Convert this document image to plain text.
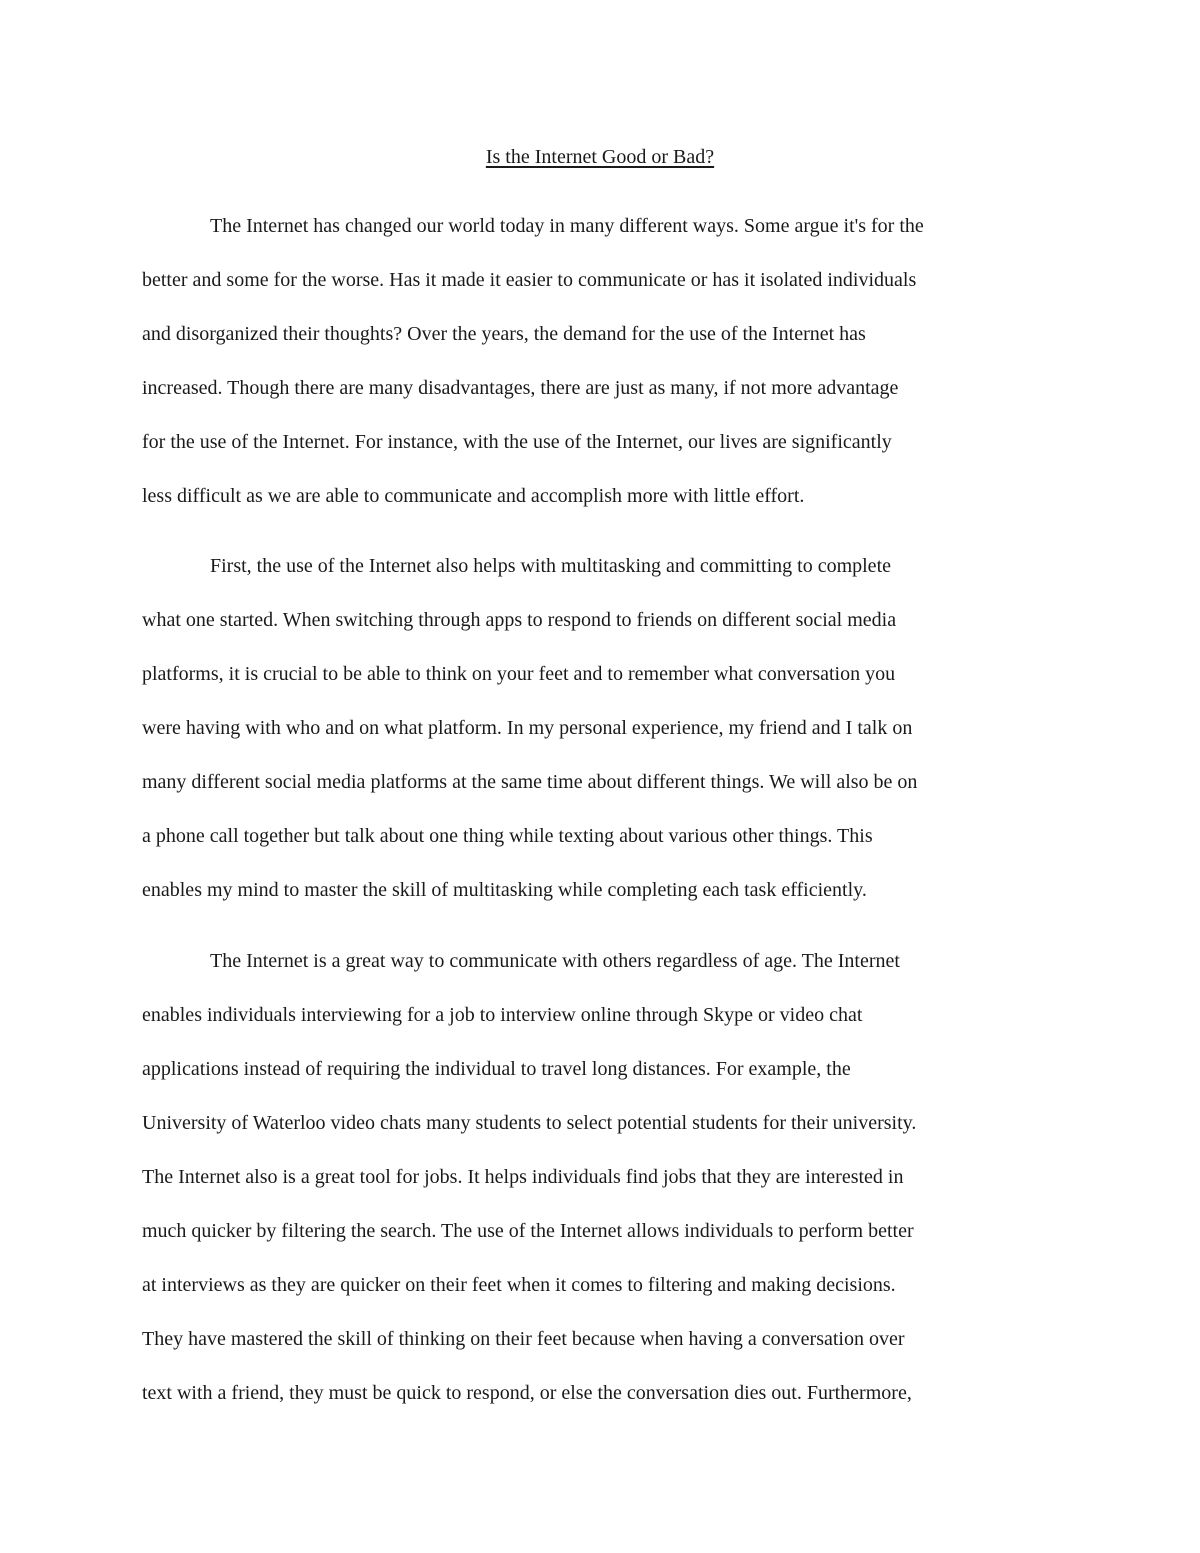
Is the Internet Good or Bad?

The Internet has changed our world today in many different ways. Some argue it's for the

better and some for the worse. Has it made it easier to communicate or has it isolated individuals

and disorganized their thoughts? Over the years, the demand for the use of the Internet has

increased. Though there are many disadvantages, there are just as many, if not more advantage

for the use of the Internet. For instance, with the use of the Internet, our lives are significantly

less difficult as we are able to communicate and accomplish more with little effort.

First, the use of the Internet also helps with multitasking and committing to complete

what one started. When switching through apps to respond to friends on different social media

platforms, it is crucial to be able to think on your feet and to remember what conversation you

were having with who and on what platform. In my personal experience, my friend and I talk on

many different social media platforms at the same time about different things. We will also be on

a phone call together but talk about one thing while texting about various other things. This

enables my mind to master the skill of multitasking while completing each task efficiently.

The Internet is a great way to communicate with others regardless of age. The Internet

enables individuals interviewing for a job to interview online through Skype or video chat

applications instead of requiring the individual to travel long distances. For example, the

University of Waterloo video chats many students to select potential students for their university.

The Internet also is a great tool for jobs. It helps individuals find jobs that they are interested in

much quicker by filtering the search. The use of the Internet allows individuals to perform better

at interviews as they are quicker on their feet when it comes to filtering and making decisions.

They have mastered the skill of thinking on their feet because when having a conversation over

text with a friend, they must be quick to respond, or else the conversation dies out. Furthermore,
